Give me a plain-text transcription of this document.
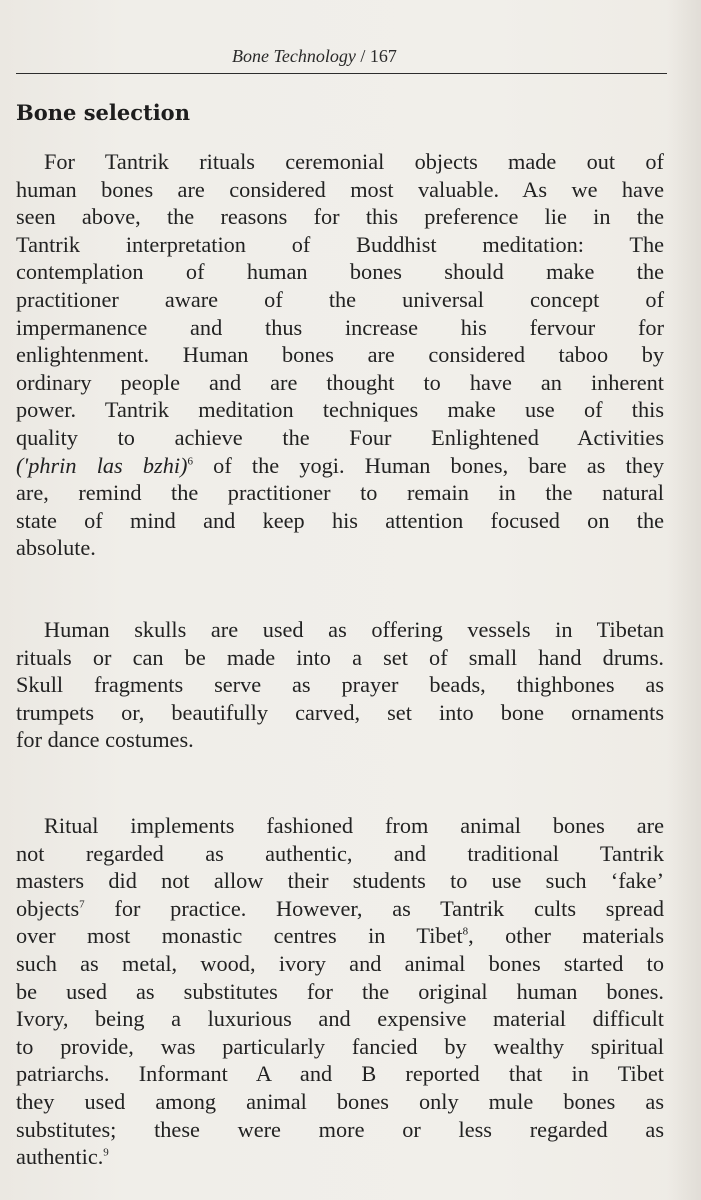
Bone Technology / 167
Bone selection
For Tantrik rituals ceremonial objects made out of
human bones are considered most valuable. As we have
seen above, the reasons for this preference lie in the
Tantrik interpretation of Buddhist meditation: The
contemplation of human bones should make the
practitioner aware of the universal concept of
impermanence and thus increase his fervour for
enlightenment. Human bones are considered taboo by
ordinary people and are thought to have an inherent
power. Tantrik meditation techniques make use of this
quality to achieve the Four Enlightened Activities
('phrin las bzhi)$^6$ of the yogi. Human bones, bare as they
are, remind the practitioner to remain in the natural
state of mind and keep his attention focused on the
absolute.
Human skulls are used as offering vessels in Tibetan
rituals or can be made into a set of small hand drums.
Skull fragments serve as prayer beads, thighbones as
trumpets or, beautifully carved, set into bone ornaments
for dance costumes.
Ritual implements fashioned from animal bones are
not regarded as authentic, and traditional Tantrik
masters did not allow their students to use such ‘fake’
objects$^7$ for practice. However, as Tantrik cults spread
over most monastic centres in Tibet$^8$, other materials
such as metal, wood, ivory and animal bones started to
be used as substitutes for the original human bones.
Ivory, being a luxurious and expensive material difficult
to provide, was particularly fancied by wealthy spiritual
patriarchs. Informant A and B reported that in Tibet
they used among animal bones only mule bones as
substitutes; these were more or less regarded as
authentic.$^9$
